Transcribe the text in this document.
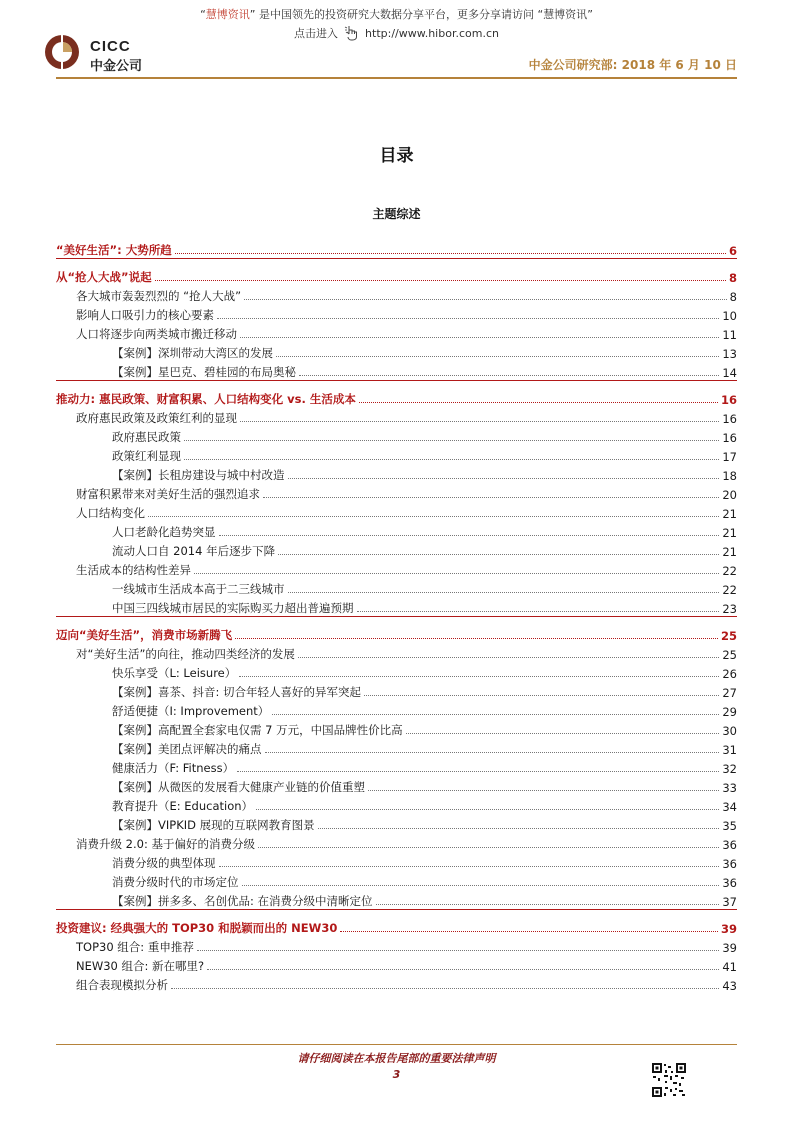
“慧博资讯” 是中国领先的投资研究大数据分享平台，更多分享请访问 “慧博资讯”
点击进入 http://www.hibor.com.cn
CICC
中金公司	中金公司研究部: 2018 年 6 月 10 日
目录
主题综述
“美好生活”: 大势所趋	6
从“抢人大战”说起	8
各大城市轰轰烈烈的 “抢人大战”	8
影响人口吸引力的核心要素	10
人口将逐步向两类城市搬迁移动	11
【案例】深圳带动大湾区的发展	13
【案例】星巴克、碧桂园的布局奥秘	14
推动力: 惠民政策、财富积累、人口结构变化 vs. 生活成本	16
政府惠民政策及政策红利的显现	16
政府惠民政策	16
政策红利显现	17
【案例】长租房建设与城中村改造	18
财富积累带来对美好生活的强烈追求	20
人口结构变化	21
人口老龄化趋势突显	21
流动人口自 2014 年后逐步下降	21
生活成本的结构性差异	22
一线城市生活成本高于二三线城市	22
中国三四线城市居民的实际购买力超出普遍预期	23
迈向“美好生活”，消费市场新腾飞	25
对“美好生活”的向往，推动四类经济的发展	25
快乐享受（L: Leisure）	26
【案例】喜茶、抖音: 切合年轻人喜好的异军突起	27
舒适便捷（I: Improvement）	29
【案例】高配置全套家电仅需 7 万元，中国品牌性价比高	30
【案例】美团点评解决的痛点	31
健康活力（F: Fitness）	32
【案例】从微医的发展看大健康产业链的价值重塑	33
教育提升（E: Education）	34
【案例】VIPKID 展现的互联网教育图景	35
消费升级 2.0: 基于偏好的消费分级	36
消费分级的典型体现	36
消费分级时代的市场定位	36
【案例】拼多多、名创优品: 在消费分级中清晰定位	37
投资建议: 经典强大的 TOP30 和脱颖而出的 NEW30	39
TOP30 组合: 重申推荐	39
NEW30 组合: 新在哪里?	41
组合表现模拟分析	43
请仔细阅读在本报告尾部的重要法律声明
3
